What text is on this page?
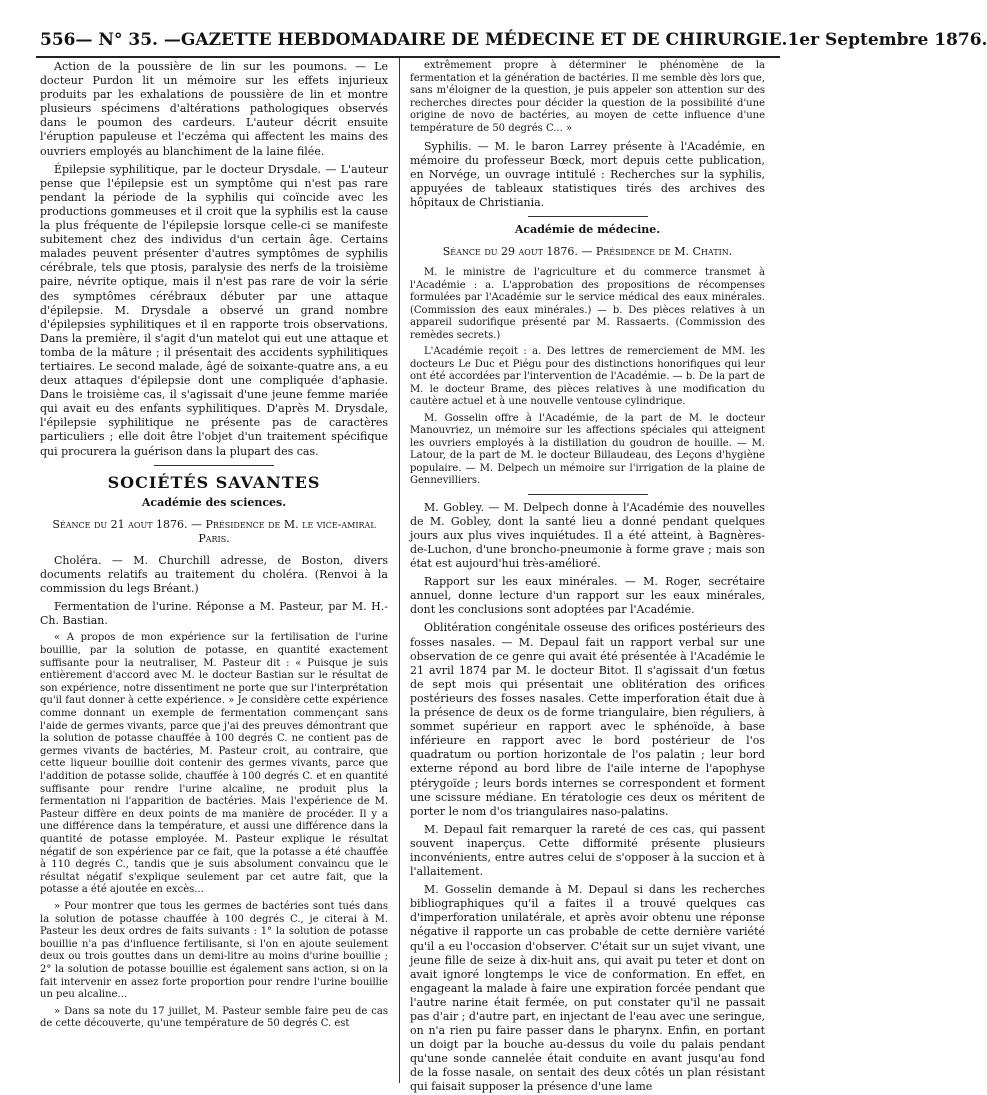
556 — N° 35. — GAZETTE HEBDOMADAIRE DE MÉDECINE ET DE CHIRURGIE. 1er Septembre 1876.

Action de la poussière de lin sur les poumons. — Le docteur Purdon lit un mémoire sur les effets injurieux produits par les exhalations de poussière de lin et montre plusieurs spécimens d'altérations pathologiques observés dans le poumon des cardeurs. L'auteur décrit ensuite l'éruption papuleuse et l'eczéma qui affectent les mains des ouvriers employés au blanchiment de la laine filée.

Épilepsie syphilitique, par le docteur Drysdale. — L'auteur pense que l'épilepsie est un symptôme qui n'est pas rare pendant la période de la syphilis qui coïncide avec les productions gommeuses et il croit que la syphilis est la cause la plus fréquente de l'épilepsie lorsque celle-ci se manifeste subitement chez des individus d'un certain âge. Certains malades peuvent présenter d'autres symptômes de syphilis cérébrale, tels que ptosis, paralysie des nerfs de la troisième paire, névrite optique, mais il n'est pas rare de voir la série des symptômes cérébraux débuter par une attaque d'épilepsie. M. Drysdale a observé un grand nombre d'épilepsies syphilitiques et il en rapporte trois observations. Dans la première, il s'agit d'un matelot qui eut une attaque et tomba de la mâture ; il présentait des accidents syphilitiques tertiaires. Le second malade, âgé de soixante-quatre ans, a eu deux attaques d'épilepsie dont une compliquée d'aphasie. Dans le troisième cas, il s'agissait d'une jeune femme mariée qui avait eu des enfants syphilitiques. D'après M. Drysdale, l'épilepsie syphilitique ne présente pas de caractères particuliers ; elle doit être l'objet d'un traitement spécifique qui procurera la guérison dans la plupart des cas.

SOCIÉTÉS SAVANTES
Académie des sciences.

Séance du 21 aout 1876. — Présidence de M. le vice-amiral Paris.

Choléra. — M. Churchill adresse, de Boston, divers documents relatifs au traitement du choléra. (Renvoi à la commission du legs Bréant.)

Fermentation de l'urine. Réponse a M. Pasteur, par M. H.-Ch. Bastian.

« A propos de mon expérience sur la fertilisation de l'urine bouillie, par la solution de potasse, en quantité exactement suffisante pour la neutraliser, M. Pasteur dit : « Puisque je suis entièrement d'accord avec M. le docteur Bastian sur le résultat de son expérience, notre dissentiment ne porte que sur l'interprétation qu'il faut donner à cette expérience. » Je considère cette expérience comme donnant un exemple de fermentation commençant sans l'aide de germes vivants, parce que j'ai des preuves démontrant que la solution de potasse chauffée à 100 degrés C. ne contient pas de germes vivants de bactéries, M. Pasteur croit, au contraire, que cette liqueur bouillie doit contenir des germes vivants, parce que l'addition de potasse solide, chauffée à 100 degrés C. et en quantité suffisante pour rendre l'urine alcaline, ne produit plus la fermentation ni l'apparition de bactéries. Mais l'expérience de M. Pasteur diffère en deux points de ma manière de procéder. Il y a une différence dans la température, et aussi une différence dans la quantité de potasse employée. M. Pasteur explique le résultat négatif de son expérience par ce fait, que la potasse a été chauffée à 110 degrés C., tandis que je suis absolument convaincu que le résultat négatif s'explique seulement par cet autre fait, que la potasse a été ajoutée en excès...

» Pour montrer que tous les germes de bactéries sont tués dans la solution de potasse chauffée à 100 degrés C., je citerai à M. Pasteur les deux ordres de faits suivants : 1° la solution de potasse bouillie n'a pas d'influence fertilisante, si l'on en ajoute seulement deux ou trois gouttes dans un demi-litre au moins d'urine bouillie ; 2° la solution de potasse bouillie est également sans action, si on la fait intervenir en assez forte proportion pour rendre l'urine bouillie un peu alcaline...

» Dans sa note du 17 juillet, M. Pasteur semble faire peu de cas de cette découverte, qu'une température de 50 degrés C. est

extrêmement propre à déterminer le phénomène de la fermentation et la génération de bactéries. Il me semble dès lors que, sans m'éloigner de la question, je puis appeler son attention sur des recherches directes pour décider la question de la possibilité d'une origine de novo de bactéries, au moyen de cette influence d'une température de 50 degrés C... »

Syphilis. — M. le baron Larrey présente à l'Académie, en mémoire du professeur Bœck, mort depuis cette publication, en Norvége, un ouvrage intitulé : Recherches sur la syphilis, appuyées de tableaux statistiques tirés des archives des hôpitaux de Christiania.

Académie de médecine.

Séance du 29 aout 1876. — Présidence de M. Chatin.

M. le ministre de l'agriculture et du commerce transmet à l'Académie : a. L'approbation des propositions de récompenses formulées par l'Académie sur le service médical des eaux minérales. (Commission des eaux minérales.) — b. Des pièces relatives à un appareil sudorifique présenté par M. Rassaerts. (Commission des remèdes secrets.)

L'Académie reçoit : a. Des lettres de remerciement de MM. les docteurs Le Duc et Piégu pour des distinctions honorifiques qui leur ont été accordées par l'intervention de l'Académie. — b. De la part de M. le docteur Brame, des pièces relatives à une modification du cautère actuel et à une nouvelle ventouse cylindrique.

M. Gosselin offre à l'Académie, de la part de M. le docteur Manouvriez, un mémoire sur les affections spéciales qui atteignent les ouvriers employés à la distillation du goudron de houille. — M. Latour, de la part de M. le docteur Billaudeau, des Leçons d'hygiène populaire. — M. Delpech un mémoire sur l'irrigation de la plaine de Gennevilliers.

M. Gobley. — M. Delpech donne à l'Académie des nouvelles de M. Gobley, dont la santé lieu a donné pendant quelques jours aux plus vives inquiétudes. Il a été atteint, à Bagnères-de-Luchon, d'une broncho-pneumonie à forme grave ; mais son état est aujourd'hui très-amélioré.

Rapport sur les eaux minérales. — M. Roger, secrétaire annuel, donne lecture d'un rapport sur les eaux minérales, dont les conclusions sont adoptées par l'Académie.

Oblitération congénitale osseuse des orifices postérieurs des fosses nasales. — M. Depaul fait un rapport verbal sur une observation de ce genre qui avait été présentée à l'Académie le 21 avril 1874 par M. le docteur Bitot. Il s'agissait d'un fœtus de sept mois qui présentait une oblitération des orifices postérieurs des fosses nasales. Cette imperforation était due à la présence de deux os de forme triangulaire, bien réguliers, à sommet supérieur en rapport avec le sphénoïde, à base inférieure en rapport avec le bord postérieur de l'os quadratum ou portion horizontale de l'os palatin ; leur bord externe répond au bord libre de l'aile interne de l'apophyse ptérygoïde ; leurs bords internes se correspondent et forment une scissure médiane. En tératologie ces deux os méritent de porter le nom d'os triangulaires naso-palatins.

M. Depaul fait remarquer la rareté de ces cas, qui passent souvent inaperçus. Cette difformité présente plusieurs inconvénients, entre autres celui de s'opposer à la succion et à l'allaitement.

M. Gosselin demande à M. Depaul si dans les recherches bibliographiques qu'il a faites il a trouvé quelques cas d'imperforation unilatérale, et après avoir obtenu une réponse négative il rapporte un cas probable de cette dernière variété qu'il a eu l'occasion d'observer. C'était sur un sujet vivant, une jeune fille de seize à dix-huit ans, qui avait pu teter et dont on avait ignoré longtemps le vice de conformation. En effet, en engageant la malade à faire une expiration forcée pendant que l'autre narine était fermée, on put constater qu'il ne passait pas d'air ; d'autre part, en injectant de l'eau avec une seringue, on n'a rien pu faire passer dans le pharynx. Enfin, en portant un doigt par la bouche au-dessus du voile du palais pendant qu'une sonde cannelée était conduite en avant jusqu'au fond de la fosse nasale, on sentait des deux côtés un plan résistant qui faisait supposer la présence d'une lame
